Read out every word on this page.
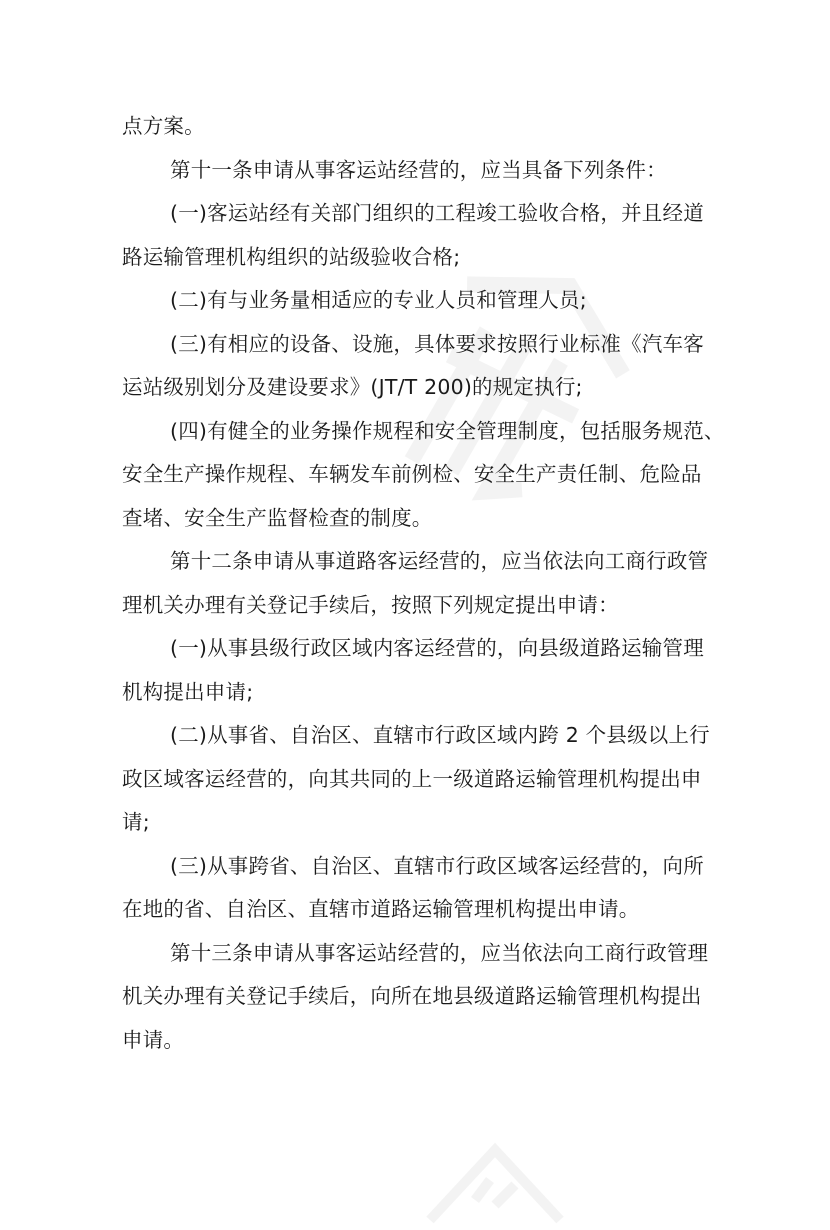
点方案。
第十一条申请从事客运站经营的，应当具备下列条件：
(一)客运站经有关部门组织的工程竣工验收合格，并且经道
路运输管理机构组织的站级验收合格;
(二)有与业务量相适应的专业人员和管理人员;
(三)有相应的设备、设施，具体要求按照行业标准《汽车客
运站级别划分及建设要求》(JT/T 200)的规定执行;
(四)有健全的业务操作规程和安全管理制度，包括服务规范、
安全生产操作规程、车辆发车前例检、安全生产责任制、危险品
查堵、安全生产监督检查的制度。
第十二条申请从事道路客运经营的，应当依法向工商行政管
理机关办理有关登记手续后，按照下列规定提出申请：
(一)从事县级行政区域内客运经营的，向县级道路运输管理
机构提出申请;
(二)从事省、自治区、直辖市行政区域内跨 2 个县级以上行
政区域客运经营的，向其共同的上一级道路运输管理机构提出申
请;
(三)从事跨省、自治区、直辖市行政区域客运经营的，向所
在地的省、自治区、直辖市道路运输管理机构提出申请。
第十三条申请从事客运站经营的，应当依法向工商行政管理
机关办理有关登记手续后，向所在地县级道路运输管理机构提出
申请。
